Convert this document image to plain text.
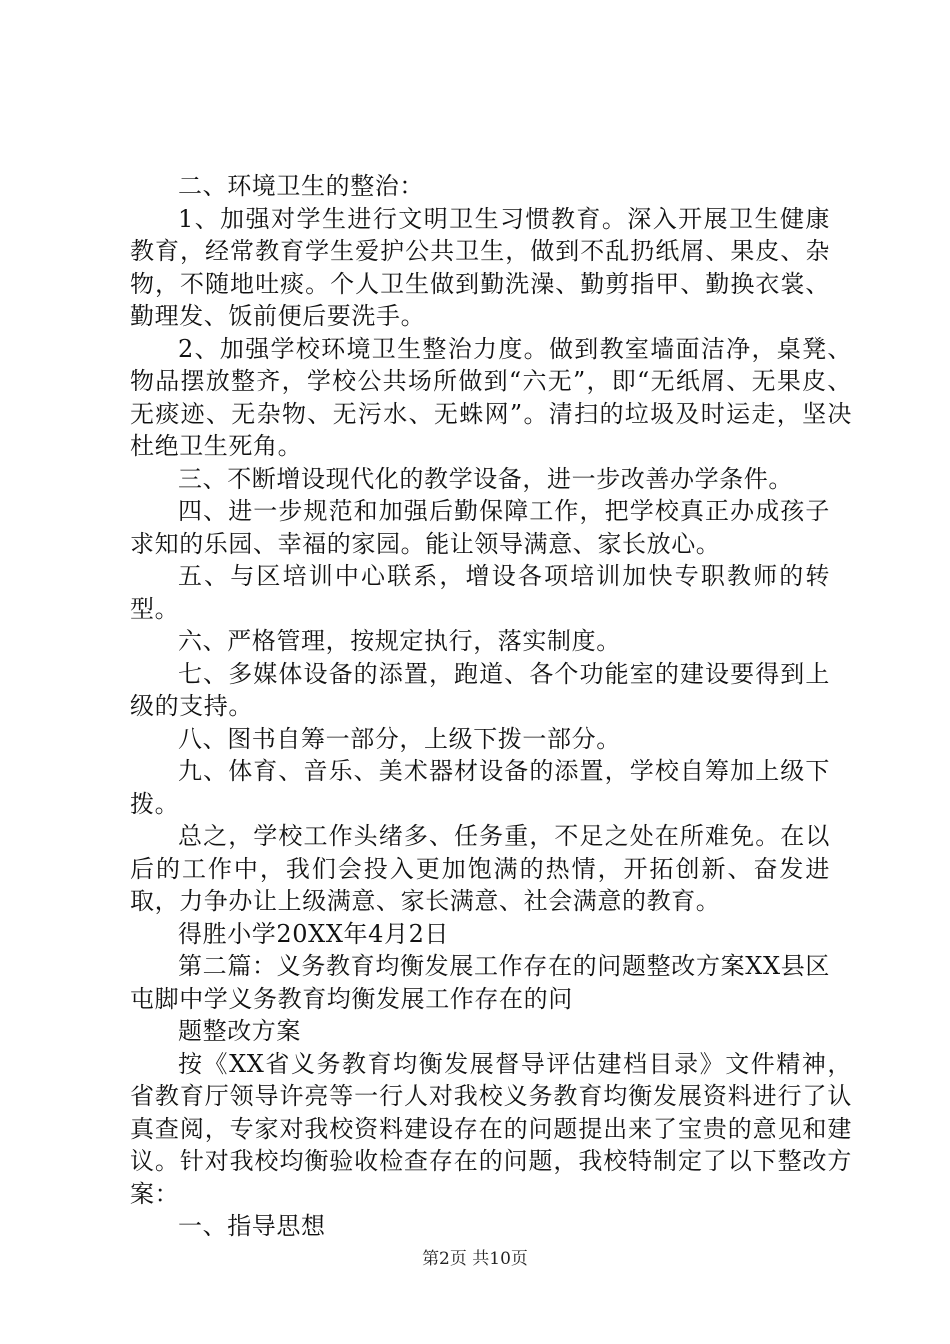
二、环境卫生的整治：

1、加强对学生进行文明卫生习惯教育。深入开展卫生健康教育，经常教育学生爱护公共卫生，做到不乱扔纸屑、果皮、杂物，不随地吐痰。个人卫生做到勤洗澡、勤剪指甲、勤换衣裳、勤理发、饭前便后要洗手。

2、加强学校环境卫生整治力度。做到教室墙面洁净，桌凳、物品摆放整齐，学校公共场所做到“六无”，即“无纸屑、无果皮、无痰迹、无杂物、无污水、无蛛网”。清扫的垃圾及时运走，坚决杜绝卫生死角。

三、不断增设现代化的教学设备，进一步改善办学条件。

四、进一步规范和加强后勤保障工作，把学校真正办成孩子求知的乐园、幸福的家园。能让领导满意、家长放心。

五、与区培训中心联系，增设各项培训加快专职教师的转型。

六、严格管理，按规定执行，落实制度。

七、多媒体设备的添置，跑道、各个功能室的建设要得到上级的支持。

八、图书自筹一部分，上级下拨一部分。

九、体育、音乐、美术器材设备的添置，学校自筹加上级下拨。

总之，学校工作头绪多、任务重，不足之处在所难免。在以后的工作中，我们会投入更加饱满的热情，开拓创新、奋发进取，力争办让上级满意、家长满意、社会满意的教育。

得胜小学20XX年4月2日

第二篇：义务教育均衡发展工作存在的问题整改方案XX县区屯脚中学义务教育均衡发展工作存在的问

题整改方案

按《XX省义务教育均衡发展督导评估建档目录》文件精神，省教育厅领导许亮等一行人对我校义务教育均衡发展资料进行了认真查阅，专家对我校资料建设存在的问题提出来了宝贵的意见和建议。针对我校均衡验收检查存在的问题，我校特制定了以下整改方案：

一、指导思想

第2页 共10页
